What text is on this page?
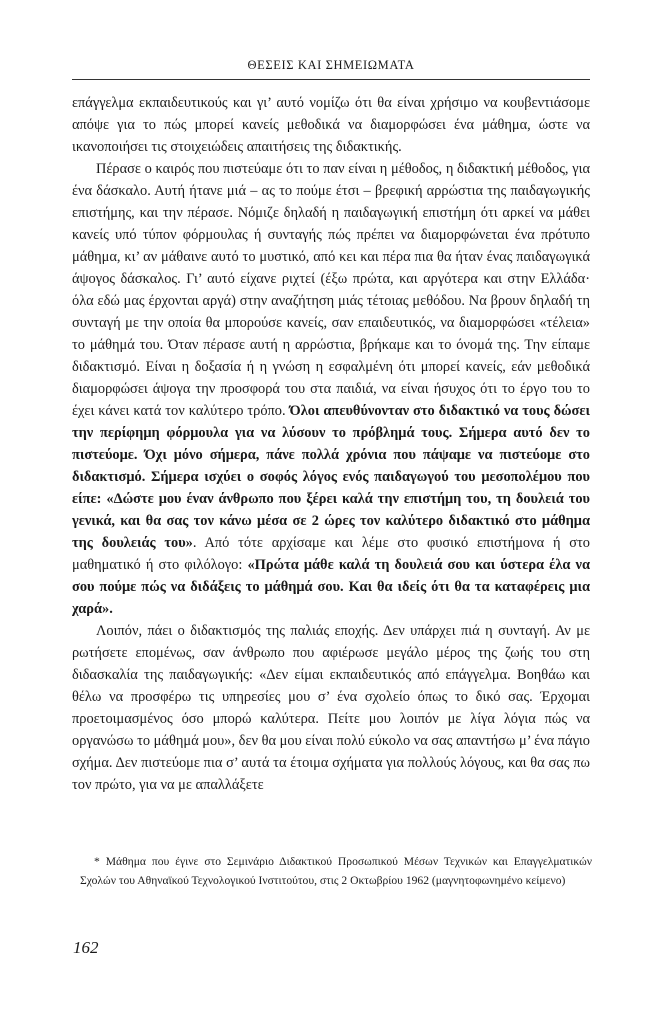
ΘΕΣΕΙΣ ΚΑΙ ΣΗΜΕΙΩΜΑΤΑ

επάγγελμα εκπαιδευτικούς και γι’ αυτό νομίζω ότι θα είναι χρήσιμο να κουβεντιάσομε απόψε για το πώς μπορεί κανείς μεθοδικά να διαμορφώσει ένα μάθημα, ώστε να ικανοποιήσει τις στοιχειώδεις απαιτήσεις της διδακτικής.

Πέρασε ο καιρός που πιστεύαμε ότι το παν είναι η μέθοδος, η διδακτική μέθοδος, για ένα δάσκαλο. Αυτή ήτανε μιά – ας το πούμε έτσι – βρεφική αρρώστια της παιδαγωγικής επιστήμης, και την πέρασε. Νόμιζε δηλαδή η παιδαγωγική επιστήμη ότι αρκεί να μάθει κανείς υπό τύπον φόρμουλας ή συνταγής πώς πρέπει να διαμορφώνεται ένα πρότυπο μάθημα, κι’ αν μάθαινε αυτό το μυστικό, από κει και πέρα πια θα ήταν ένας παιδαγωγικά άψογος δάσκαλος. Γι’ αυτό είχανε ριχτεί (έξω πρώτα, και αργότερα και στην Ελλάδα· όλα εδώ μας έρχονται αργά) στην αναζήτηση μιάς τέτοιας μεθόδου. Να βρουν δηλαδή τη συνταγή με την οποία θα μπορούσε κανείς, σαν επαιδευτικός, να διαμορφώσει «τέλεια» το μάθημά του. Όταν πέρασε αυτή η αρρώστια, βρήκαμε και το όνομά της. Την είπαμε διδακτισμό. Είναι η δοξασία ή η γνώση η εσφαλμένη ότι μπορεί κανείς, εάν μεθοδικά διαμορφώσει άψογα την προσφορά του στα παιδιά, να είναι ήσυχος ότι το έργο του το έχει κάνει κατά τον καλύτερο τρόπο. Όλοι απευθύνονταν στο διδακτικό να τους δώσει την περίφημη φόρμουλα για να λύσουν το πρόβλημά τους. Σήμερα αυτό δεν το πιστεύομε. Όχι μόνο σήμερα, πάνε πολλά χρόνια που πάψαμε να πιστεύομε στο διδακτισμό. Σήμερα ισχύει ο σοφός λόγος ενός παιδαγωγού του μεσοπολέμου που είπε: «Δώστε μου έναν άνθρωπο που ξέρει καλά την επιστήμη του, τη δουλειά του γενικά, και θα σας τον κάνω μέσα σε 2 ώρες τον καλύτερο διδακτικό στο μάθημα της δουλειάς του». Από τότε αρχίσαμε και λέμε στο φυσικό επιστήμονα ή στο μαθηματικό ή στο φιλόλογο: «Πρώτα μάθε καλά τη δουλειά σου και ύστερα έλα να σου πούμε πώς να διδάξεις το μάθημά σου. Και θα ιδείς ότι θα τα καταφέρεις μια χαρά».

Λοιπόν, πάει ο διδακτισμός της παλιάς εποχής. Δεν υπάρχει πιά η συνταγή. Αν με ρωτήσετε επομένως, σαν άνθρωπο που αφιέρωσε μεγάλο μέρος της ζωής του στη διδασκαλία της παιδαγωγικής: «Δεν είμαι εκπαιδευτικός από επάγγελμα. Βοηθάω και θέλω να προσφέρω τις υπηρεσίες μου σ’ ένα σχολείο όπως το δικό σας. Έρχομαι προετοιμασμένος όσο μπορώ καλύτερα. Πείτε μου λοιπόν με λίγα λόγια πώς να οργανώσω το μάθημά μου», δεν θα μου είναι πολύ εύκολο να σας απαντήσω μ’ ένα πάγιο σχήμα. Δεν πιστεύομε πια σ’ αυτά τα έτοιμα σχήματα για πολλούς λόγους, και θα σας πω τον πρώτο, για να με απαλλάξετε

* Μάθημα που έγινε στο Σεμινάριο Διδακτικού Προσωπικού Μέσων Τεχνικών και Επαγγελματικών Σχολών του Αθηναϊκού Τεχνολογικού Ινστιτούτου, στις 2 Οκτωβρίου 1962 (μαγνητοφωνημένο κείμενο)

162
